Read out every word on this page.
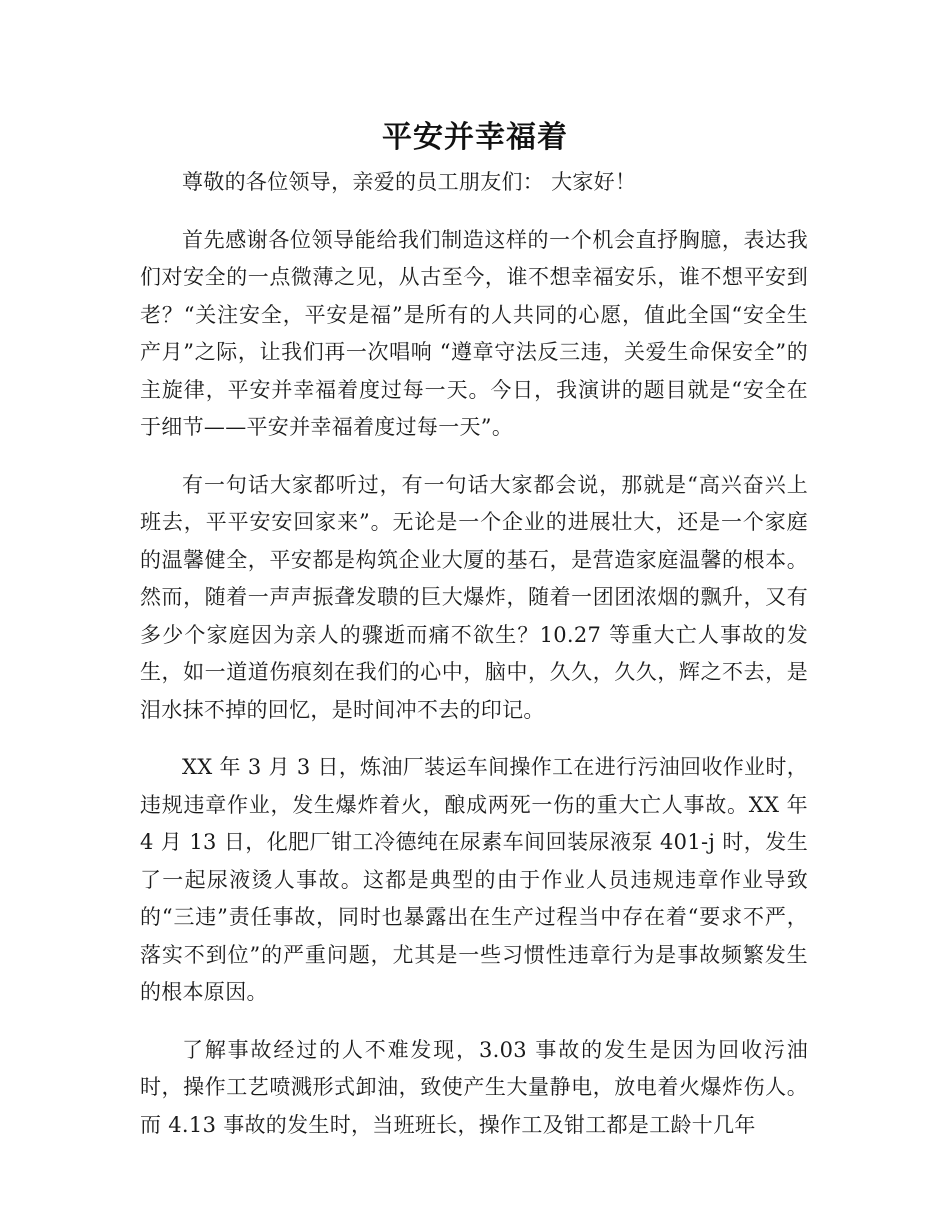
平安并幸福着

尊敬的各位领导，亲爱的员工朋友们： 大家好！

首先感谢各位领导能给我们制造这样的一个机会直抒胸臆，表达我们对安全的一点微薄之见，从古至今，谁不想幸福安乐，谁不想平安到老？“关注安全，平安是福”是所有的人共同的心愿，值此全国“安全生产月”之际，让我们再一次唱响 “遵章守法反三违，关爱生命保安全”的主旋律，平安并幸福着度过每一天。今日，我演讲的题目就是“安全在于细节——平安并幸福着度过每一天”。

有一句话大家都听过，有一句话大家都会说，那就是“高兴奋兴上班去，平平安安回家来”。无论是一个企业的进展壮大，还是一个家庭的温馨健全，平安都是构筑企业大厦的基石，是营造家庭温馨的根本。然而，随着一声声振聋发聩的巨大爆炸，随着一团团浓烟的飘升，又有多少个家庭因为亲人的骤逝而痛不欲生？10.27 等重大亡人事故的发生，如一道道伤痕刻在我们的心中，脑中，久久，久久，辉之不去，是泪水抹不掉的回忆，是时间冲不去的印记。

XX 年 3 月 3 日，炼油厂装运车间操作工在进行污油回收作业时，违规违章作业，发生爆炸着火，酿成两死一伤的重大亡人事故。XX 年 4 月 13 日，化肥厂钳工冷德纯在尿素车间回装尿液泵 401-j 时，发生了一起尿液烫人事故。这都是典型的由于作业人员违规违章作业导致的“三违”责任事故，同时也暴露出在生产过程当中存在着“要求不严，落实不到位”的严重问题，尤其是一些习惯性违章行为是事故频繁发生的根本原因。

了解事故经过的人不难发现，3.03 事故的发生是因为回收污油时，操作工艺喷溅形式卸油，致使产生大量静电，放电着火爆炸伤人。而 4.13 事故的发生时，当班班长，操作工及钳工都是工龄十几年
